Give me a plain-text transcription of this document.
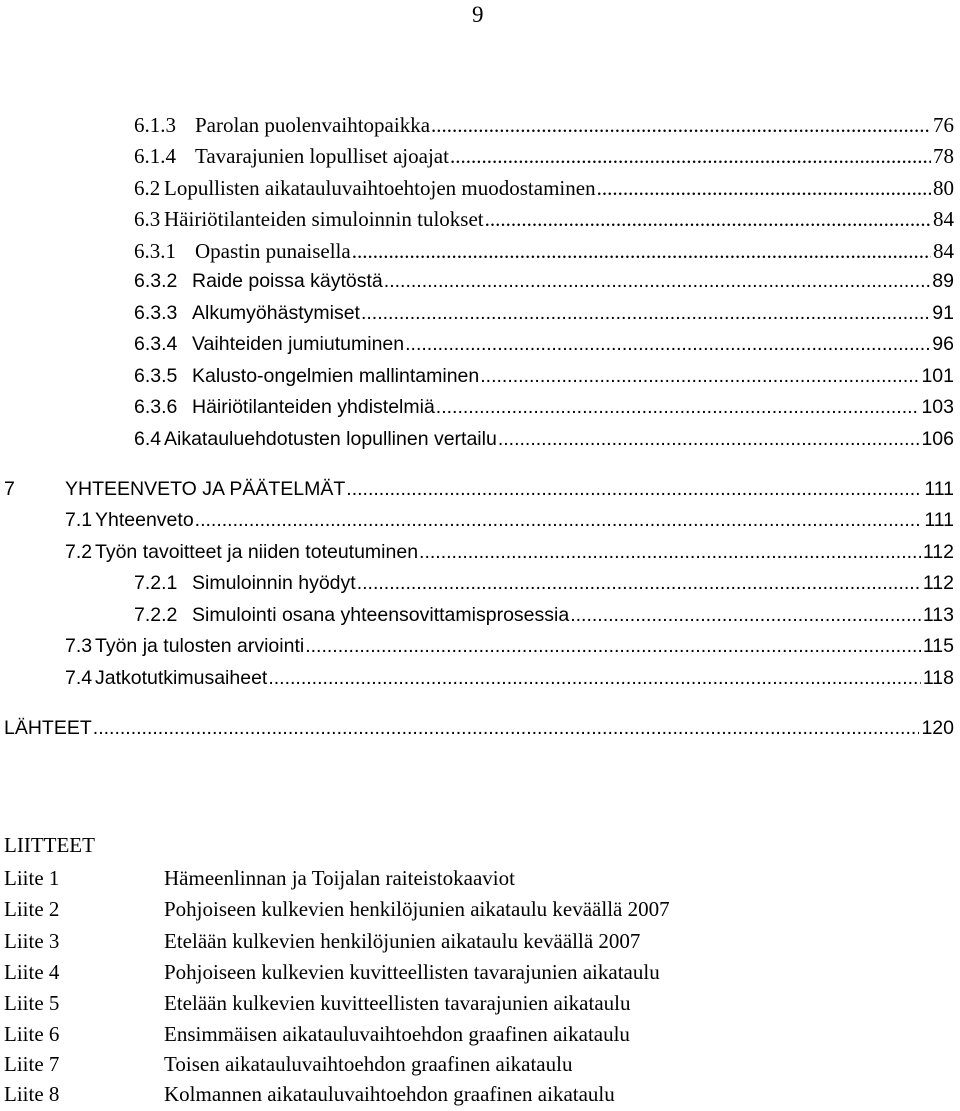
9
6.1.3 Parolan puolenvaihtopaikka .....	76
6.1.4 Tavarajunien lopulliset ajoajat .....	78
6.2 Lopullisten aikatauluvaihtoehtojen muodostaminen .....	80
6.3 Häiriötilanteiden simuloinnin tulokset .....	84
6.3.1 Opastin punaisella .....	84
6.3.2 Raide poissa käytöstä .....	89
6.3.3 Alkumyöhästymiset .....	91
6.3.4 Vaihteiden jumiutuminen .....	96
6.3.5 Kalusto-ongelmien mallintaminen .....	101
6.3.6 Häiriötilanteiden yhdistelmiä .....	103
6.4 Aikatauluehdotusten lopullinen vertailu .....	106
7	YHTEENVETO JA PÄÄTELMÄT .....	111
7.1 Yhteenveto .....	111
7.2 Työn tavoitteet ja niiden toteutuminen .....	112
7.2.1 Simuloinnin hyödyt .....	112
7.2.2 Simulointi osana yhteensovittamisprosessia .....	113
7.3 Työn ja tulosten arviointi .....	115
7.4 Jatkotutkimusaiheet .....	118
LÄHTEET .....	120
LIITTEET
Liite 1	Hämeenlinnan ja Toijalan raiteistokaaviot
Liite 2	Pohjoiseen kulkevien henkilöjunien aikataulu keväällä 2007
Liite 3	Etelään kulkevien henkilöjunien aikataulu keväällä 2007
Liite 4	Pohjoiseen kulkevien kuvitteellisten tavarajunien aikataulu
Liite 5	Etelään kulkevien kuvitteellisten tavarajunien aikataulu
Liite 6	Ensimmäisen aikatauluvaihtoehdon graafinen aikataulu
Liite 7	Toisen aikatauluvaihtoehdon graafinen aikataulu
Liite 8	Kolmannen aikatauluvaihtoehdon graafinen aikataulu
